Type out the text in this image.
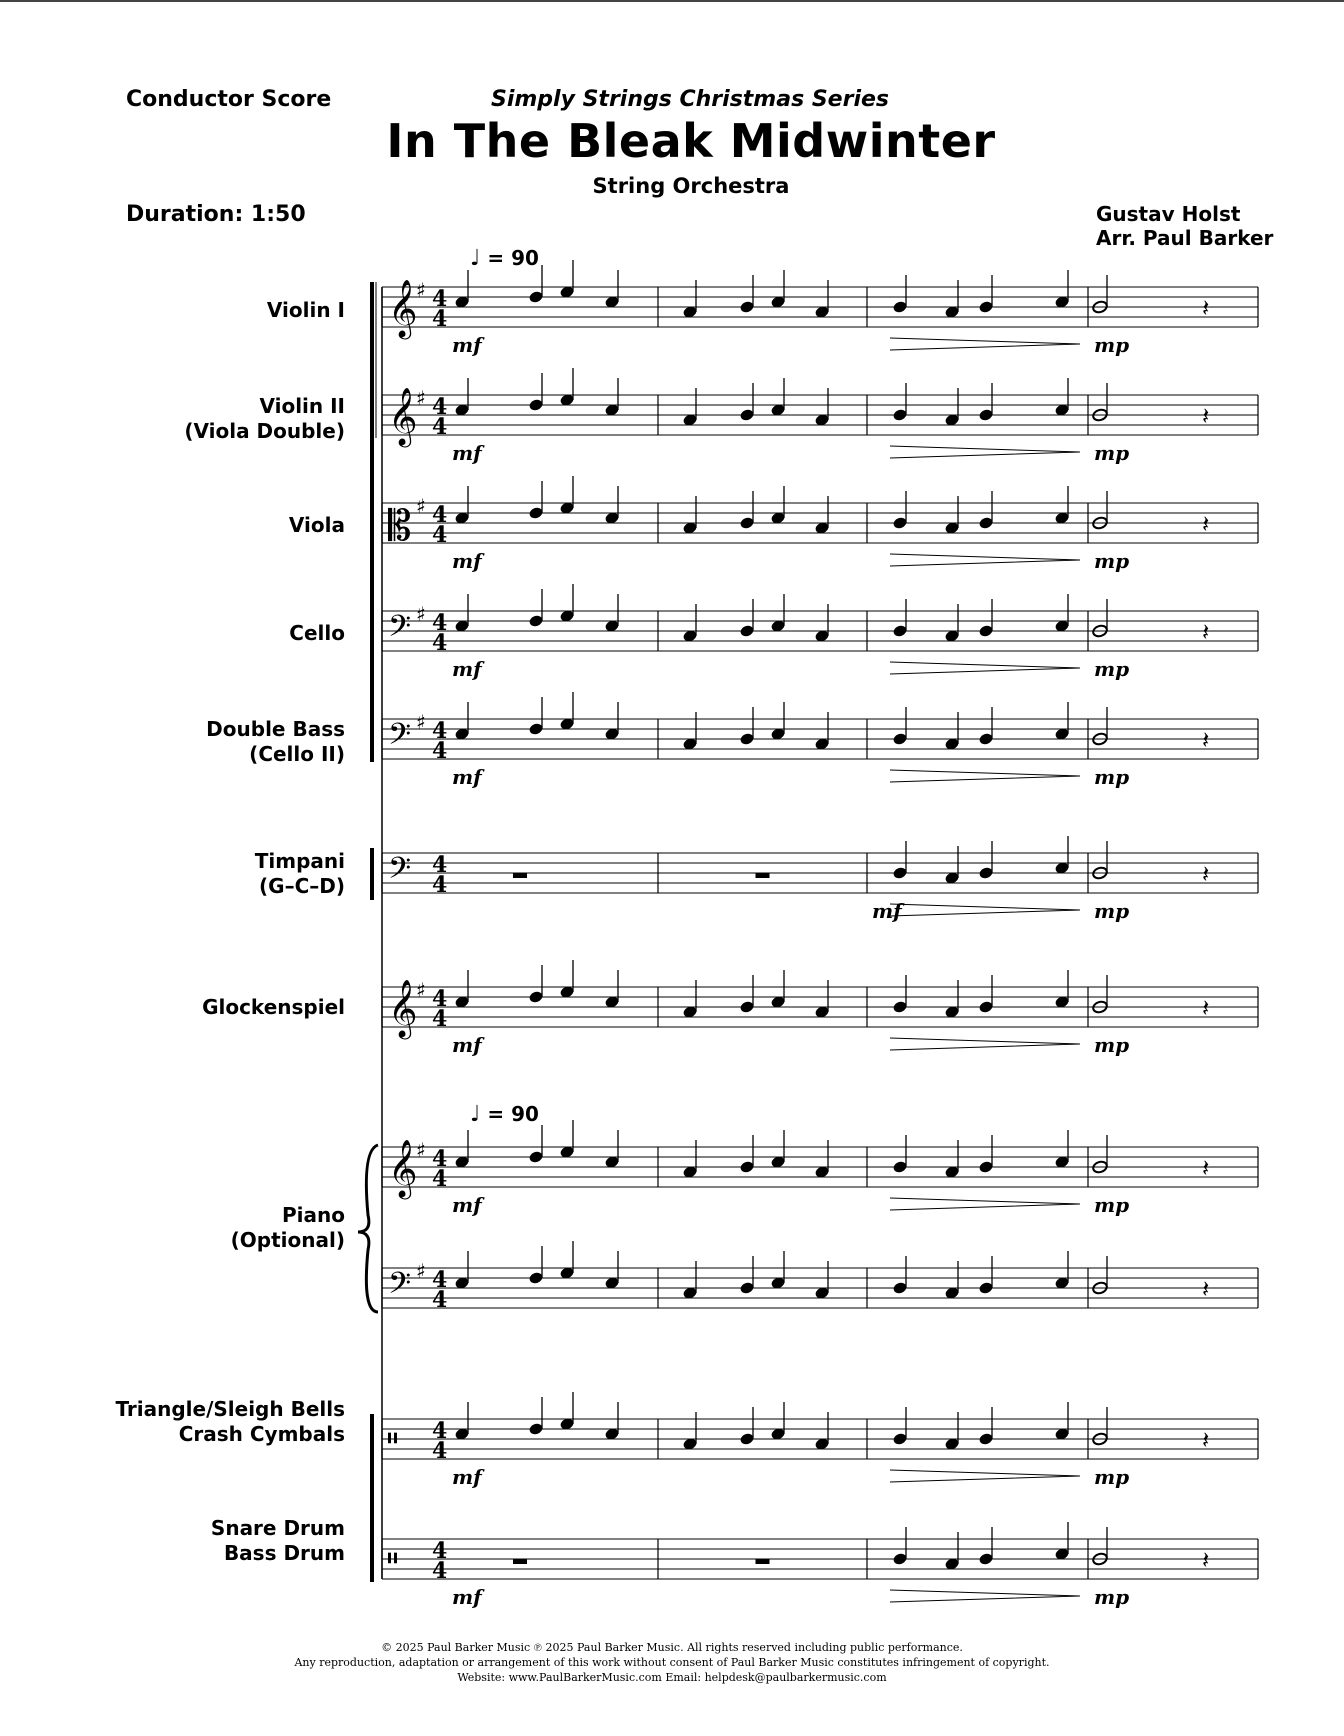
Conductor Score	Simply Strings Christmas Series
In The Bleak Midwinter
String Orchestra
Duration: 1:50	Gustav Holst
Arr. Paul Barker
♩ = 90
♩ = 90
Violin I
Violin II
(Viola Double)
Viola
Cello
Double Bass
(Cello II)
Timpani
(G–C–D)
Glockenspiel
Piano
(Optional)
Triangle/Sleigh Bells
Crash Cymbals
Snare Drum
Bass Drum
𝄞
♯ 4
4	𝄽
mf	mp
𝄞
♯ 4
4	𝄽
mf	mp
𝄡 ♯ 4
4	𝄽
mf	mp
𝄢 ♯ 4
4	𝄽
mf	mp
𝄢 ♯ 4
4	𝄽
mf	mp
𝄢 4
4	𝄽
mf	mp
𝄞
♯ 4
4	𝄽
mf	mp
𝄞
♯ 4
4	𝄽
mf	mp
𝄢 ♯ 4
4	𝄽
𝄥 4
4	𝄽
mf	mp
𝄥 4
4	𝄽
mf	mp
© 2025 Paul Barker Music ℗ 2025 Paul Barker Music. All rights reserved including public performance.
Any reproduction, adaptation or arrangement of this work without consent of Paul Barker Music constitutes infringement of copyright.
Website: www.PaulBarkerMusic.com Email: helpdesk@paulbarkermusic.com
